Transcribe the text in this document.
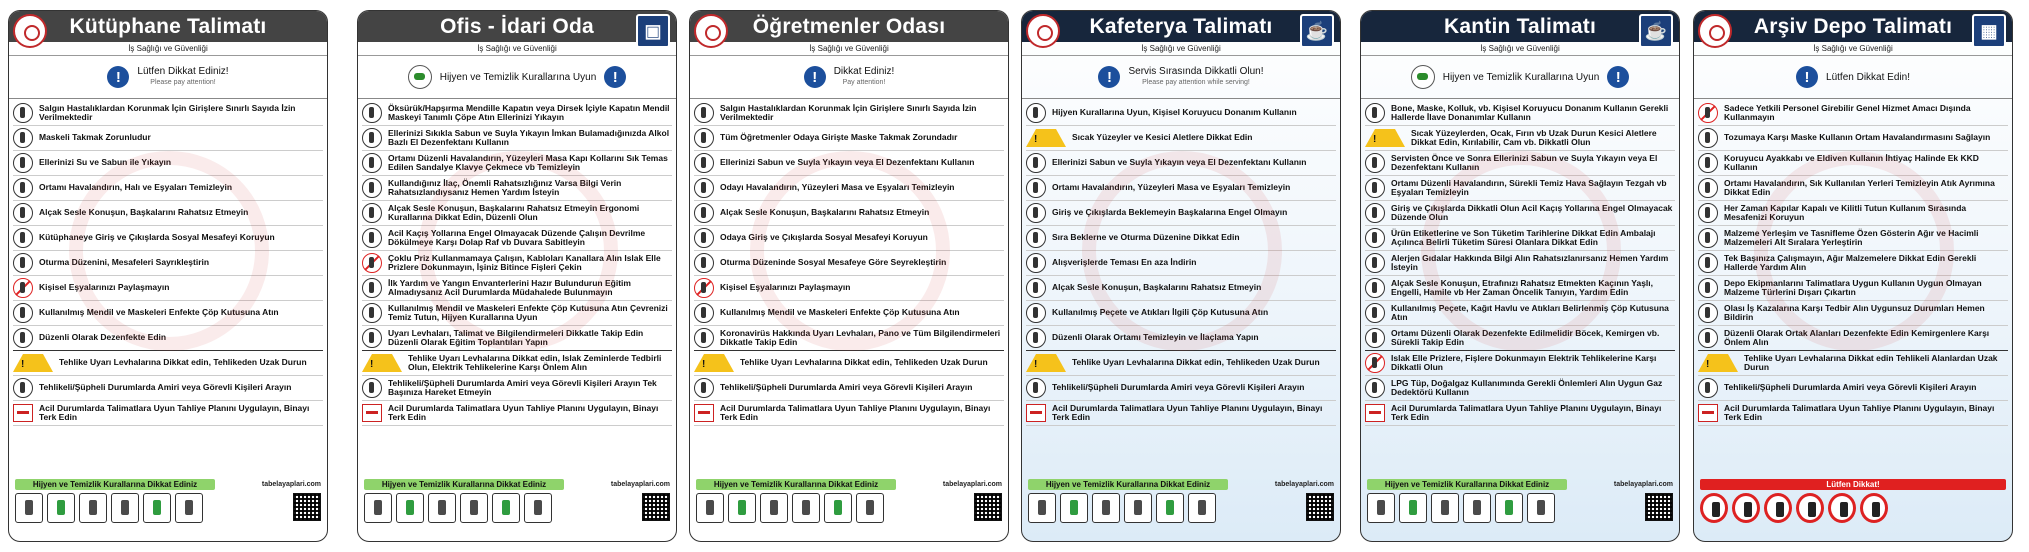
Kütüphane Talimatı
İş Sağlığı ve Güvenliği
!	Lütfen Dikkat Ediniz!
Please pay attention!
Salgın Hastalıklardan Korunmak İçin Girişlere Sınırlı Sayıda İzin Verilmektedir
Maskeli Takmak Zorunludur
Ellerinizi Su ve Sabun ile Yıkayın
Ortamı Havalandırın, Halı ve Eşyaları Temizleyin
Alçak Sesle Konuşun, Başkalarını Rahatsız Etmeyin
Kütüphaneye Giriş ve Çıkışlarda Sosyal Mesafeyi Koruyun
Oturma Düzenini, Mesafeleri Sayrıkleştirin
Kişisel Eşyalarınızı Paylaşmayın
Kullanılmış Mendil ve Maskeleri Enfekte Çöp Kutusuna Atın
Düzenli Olarak Dezenfekte Edin
!
Tehlike Uyarı Levhalarına Dikkat edin, Tehlikeden Uzak Durun
Tehlikeli/Şüpheli Durumlarda Amiri veya Görevli Kişileri Arayın
Acil Durumlarda Talimatlara Uyun Tahliye Planını Uygulayın, Binayı Terk Edin
Hijyen ve Temizlik Kurallarına Dikkat Ediniz	tabelayaplari.com
Ofis - İdari Oda	▣
İş Sağlığı ve Güvenliği
Hijyen ve Temizlik Kurallarına Uyun	!
Öksürük/Hapşırma Mendille Kapatın veya Dirsek İçiyle Kapatın Mendil Maskeyi Tanımlı Çöpe Atın Ellerinizi Yıkayın
Ellerinizi Sıkıkla Sabun ve Suyla Yıkayın İmkan Bulamadığınızda Alkol Bazlı El Dezenfektanı Kullanın
Ortamı Düzenli Havalandırın, Yüzeyleri Masa Kapı Kollarını Sık Temas Edilen Sandalye Klavye Çekmece vb Temizleyin
Kullandığınız İlaç, Önemli Rahatsızlığınız Varsa Bilgi Verin Rahatsızlandıysanız Hemen Yardım İsteyin
Alçak Sesle Konuşun, Başkalarını Rahatsız Etmeyin Ergonomi Kurallarına Dikkat Edin, Düzenli Olun
Acil Kaçış Yollarına Engel Olmayacak Düzende Çalışın Devrilme Dökülmeye Karşı Dolap Raf vb Duvara Sabitleyin
Çoklu Priz Kullanmamaya Çalışın, Kabloları Kanallara Alın Islak Elle Prizlere Dokunmayın, İşiniz Bitince Fişleri Çekin
İlk Yardım ve Yangın Envanterlerini Hazır Bulundurun Eğitim Almadıysanız Acil Durumlarda Müdahalede Bulunmayın
Kullanılmış Mendil ve Maskeleri Enfekte Çöp Kutusuna Atın Çevrenizi Temiz Tutun, Hijyen Kurallarına Uyun
Uyarı Levhaları, Talimat ve Bilgilendirmeleri Dikkatle Takip Edin Düzenli Olarak Eğitim Toplantıları Yapın
!
Tehlike Uyarı Levhalarına Dikkat edin, Islak Zeminlerde Tedbirli Olun, Elektrik Tehlikelerine Karşı Önlem Alın
Tehlikeli/Şüpheli Durumlarda Amiri veya Görevli Kişileri Arayın Tek Başınıza Hareket Etmeyin
Acil Durumlarda Talimatlara Uyun Tahliye Planını Uygulayın, Binayı Terk Edin
Hijyen ve Temizlik Kurallarına Dikkat Ediniz	tabelayaplari.com
Öğretmenler Odası
İş Sağlığı ve Güvenliği
!	Dikkat Ediniz!
Pay attention!
Salgın Hastalıklardan Korunmak İçin Girişlere Sınırlı Sayıda İzin Verilmektedir
Tüm Öğretmenler Odaya Girişte Maske Takmak Zorundadır
Ellerinizi Sabun ve Suyla Yıkayın veya El Dezenfektanı Kullanın
Odayı Havalandırın, Yüzeyleri Masa ve Eşyaları Temizleyin
Alçak Sesle Konuşun, Başkalarını Rahatsız Etmeyin
Odaya Giriş ve Çıkışlarda Sosyal Mesafeyi Koruyun
Oturma Düzeninde Sosyal Mesafeye Göre Seyrekleştirin
Kişisel Eşyalarınızı Paylaşmayın
Kullanılmış Mendil ve Maskeleri Enfekte Çöp Kutusuna Atın
Koronavirüs Hakkında Uyarı Levhaları, Pano ve Tüm Bilgilendirmeleri Dikkatle Takip Edin
!
Tehlike Uyarı Levhalarına Dikkat edin, Tehlikeden Uzak Durun
Tehlikeli/Şüpheli Durumlarda Amiri veya Görevli Kişileri Arayın
Acil Durumlarda Talimatlara Uyun Tahliye Planını Uygulayın, Binayı Terk Edin
Hijyen ve Temizlik Kurallarına Dikkat Ediniz	tabelayaplari.com
Kafeterya Talimatı	☕
İş Sağlığı ve Güvenliği
!	Servis Sırasında Dikkatli Olun!
Please pay attention while serving!
Hijyen Kurallarına Uyun, Kişisel Koruyucu Donanım Kullanın
!
Sıcak Yüzeyler ve Kesici Aletlere Dikkat Edin
Ellerinizi Sabun ve Suyla Yıkayın veya El Dezenfektanı Kullanın
Ortamı Havalandırın, Yüzeyleri Masa ve Eşyaları Temizleyin
Giriş ve Çıkışlarda Beklemeyin Başkalarına Engel Olmayın
Sıra Beklerne ve Oturma Düzenine Dikkat Edin
Alışverişlerde Teması En aza İndirin
Alçak Sesle Konuşun, Başkalarını Rahatsız Etmeyin
Kullanılmış Peçete ve Atıkları İlgili Çöp Kutusuna Atın
Düzenli Olarak Ortamı Temizleyin ve İlaçlama Yapın
!
Tehlike Uyarı Levhalarına Dikkat edin, Tehlikeden Uzak Durun
Tehlikeli/Şüpheli Durumlarda Amiri veya Görevli Kişileri Arayın
Acil Durumlarda Talimatlara Uyun Tahliye Planını Uygulayın, Binayı Terk Edin
Hijyen ve Temizlik Kurallarına Dikkat Ediniz	tabelayaplari.com
Kantin Talimatı	☕
İş Sağlığı ve Güvenliği
Hijyen ve Temizlik Kurallarına Uyun	!
Bone, Maske, Kolluk, vb. Kişisel Koruyucu Donanım Kullanın Gerekli Hallerde İlave Donanımlar Kullanın
!
Sıcak Yüzeylerden, Ocak, Fırın vb Uzak Durun Kesici Aletlere Dikkat Edin, Kırılabilir, Cam vb. Dikkatli Olun
Servisten Önce ve Sonra Ellerinizi Sabun ve Suyla Yıkayın veya El Dezenfektanı Kullanın
Ortamı Düzenli Havalandırın, Sürekli Temiz Hava Sağlayın Tezgah vb Eşyaları Temizleyin
Giriş ve Çıkışlarda Dikkatli Olun Acil Kaçış Yollarına Engel Olmayacak Düzende Olun
Ürün Etiketlerine ve Son Tüketim Tarihlerine Dikkat Edin Ambalajı Açılınca Belirli Tüketim Süresi Olanlara Dikkat Edin
Alerjen Gıdalar Hakkında Bilgi Alın Rahatsızlanırsanız Hemen Yardım İsteyin
Alçak Sesle Konuşun, Etrafınızı Rahatsız Etmekten Kaçının Yaşlı, Engelli, Hamile vb Her Zaman Öncelik Tanıyın, Yardım Edin
Kullanılmış Peçete, Kağıt Havlu ve Atıkları Belirlenmiş Çöp Kutusuna Atın
Ortamı Düzenli Olarak Dezenfekte Edilmelidir Böcek, Kemirgen vb. Sürekli Takip Edin
Islak Elle Prizlere, Fişlere Dokunmayın Elektrik Tehlikelerine Karşı Dikkatli Olun
LPG Tüp, Doğalgaz Kullanımında Gerekli Önlemleri Alın Uygun Gaz Dedektörü Kullanın
Acil Durumlarda Talimatlara Uyun Tahliye Planını Uygulayın, Binayı Terk Edin
Hijyen ve Temizlik Kurallarına Dikkat Ediniz	tabelayaplari.com
Arşiv Depo Talimatı	▦
İş Sağlığı ve Güvenliği
!	Lütfen Dikkat Edin!
Sadece Yetkili Personel Girebilir Genel Hizmet Amacı Dışında Kullanmayın
Tozumaya Karşı Maske Kullanın Ortam Havalandırmasını Sağlayın
Koruyucu Ayakkabı ve Eldiven Kullanın İhtiyaç Halinde Ek KKD Kullanın
Ortamı Havalandırın, Sık Kullanılan Yerleri Temizleyin Atık Ayrımına Dikkat Edin
Her Zaman Kapılar Kapalı ve Kilitli Tutun Kullanım Sırasında Mesafenizi Koruyun
Malzeme Yerleşim ve Tasnifleme Özen Gösterin Ağır ve Hacimli Malzemeleri Alt Sıralara Yerleştirin
Tek Başınıza Çalışmayın, Ağır Malzemelere Dikkat Edin Gerekli Hallerde Yardım Alın
Depo Ekipmanlarını Talimatlara Uygun Kullanın Uygun Olmayan Malzeme Türlerini Dışarı Çıkartın
Olası İş Kazalarına Karşı Tedbir Alın Uygunsuz Durumları Hemen Bildirin
Düzenli Olarak Ortak Alanları Dezenfekte Edin Kemirgenlere Karşı Önlem Alın
!
Tehlike Uyarı Levhalarına Dikkat edin Tehlikeli Alanlardan Uzak Durun
Tehlikeli/Şüpheli Durumlarda Amiri veya Görevli Kişileri Arayın
Acil Durumlarda Talimatlara Uyun Tahliye Planını Uygulayın, Binayı Terk Edin
Lütfen Dikkat!
